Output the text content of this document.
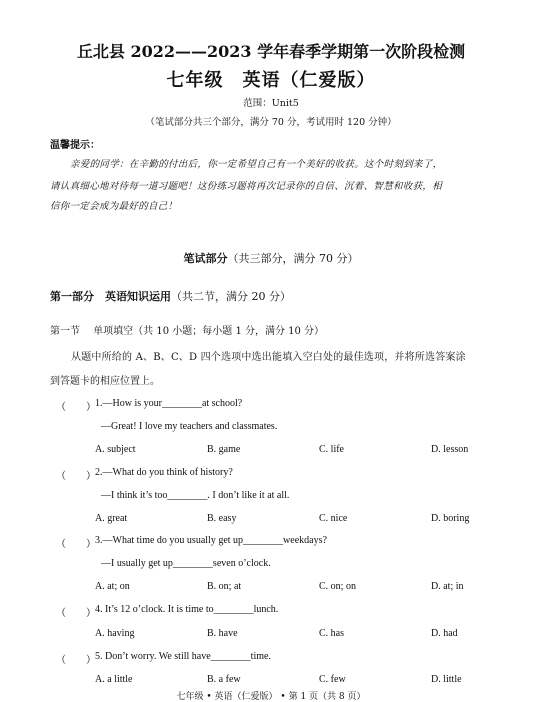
丘北县 2022——2023 学年春季学期第一次阶段检测
七年级　英语（仁爱版）
范围：Unit5
（笔试部分共三个部分，满分 70 分，考试用时 120 分钟）
温馨提示：
亲爱的同学：在辛勤的付出后，你一定希望自己有一个美好的收获。这个时刻到来了，
请认真细心地对待每一道习题吧！这份练习题将再次记录你的自信、沉着、智慧和收获，相
信你一定会成为最好的自己！
笔试部分（共三部分，满分 70 分）
第一部分　英语知识运用（共二节，满分 20 分）
第一节　 单项填空（共 10 小题；每小题 1 分，满分 10 分）
从题中所给的 A、B、C、D 四个选项中选出能填入空白处的最佳选项，并将所选答案涂
到答题卡的相应位置上。
（　　） 1.—How is your________at school?
—Great! I love my teachers and classmates.
A. subject	B. game	C. life	D. lesson
（　　） 2.—What do you think of history?
—I think it’s too________. I don’t like it at all.
A. great	B. easy	C. nice	D. boring
（　　） 3.—What time do you usually get up________weekdays?
—I usually get up________seven o’clock.
A. at; on	B. on; at	C. on; on	D. at; in
（　　） 4. It’s 12 o’clock. It is time to________lunch.
A. having	B. have	C. has	D. had
（　　） 5. Don’t worry. We still have________time.
A. a little	B. a few	C. few	D. little
七年级 • 英语（仁爱版） • 第 1 页（共 8 页）
